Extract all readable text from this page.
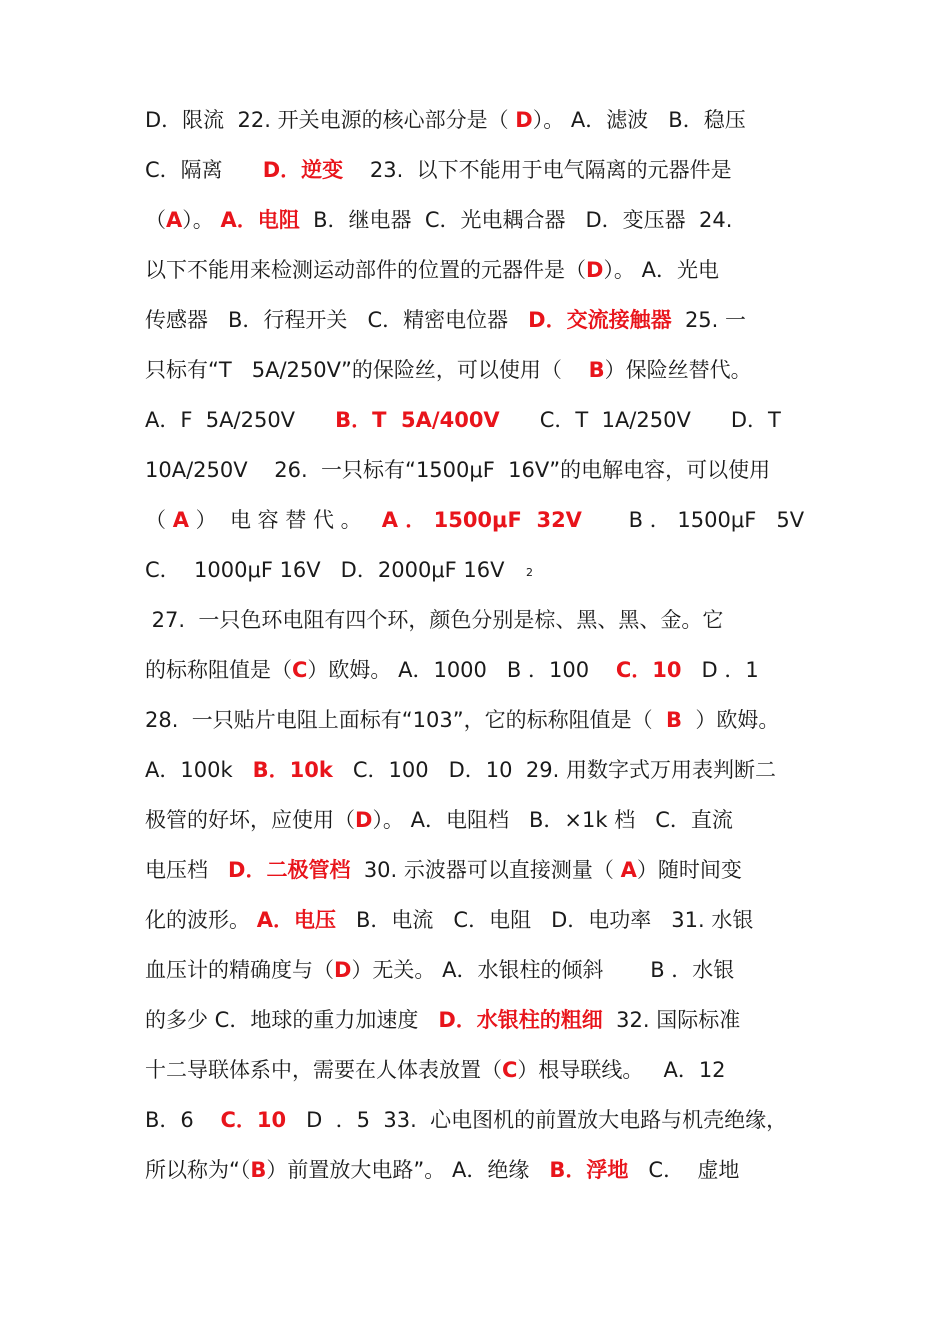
D．限流  22. 开关电源的核心部分是（ D）。 A．滤波   B．稳压
C．隔离      D．逆变    23.  以下不能用于电气隔离的元器件是
（A）。 A．电阻  B．继电器  C．光电耦合器   D．变压器  24.
以下不能用来检测运动部件的位置的元器件是（D）。 A．光电
传感器   B．行程开关   C．精密电位器   D．交流接触器  25. 一
只标有“T   5A/250V”的保险丝，可以使用（    B）保险丝替代。
A．F  5A/250V      B．T  5A/400V      C．T  1A/250V      D．T
10A/250V    26.  一只标有“1500μF  16V”的电解电容，可以使用
（ A ）  电 容 替 代 。   A ． 1500μF  32V       B ． 1500μF   5V
C．  1000μF 16V   D．2000μF 16V
27.  一只色环电阻有四个环，颜色分别是棕、黑、黑、金。它
的标称阻值是（C）欧姆。 A．1000   B ．100    C．10   D ．1
28.  一只贴片电阻上面标有“103”，它的标称阻值是（  B  ）欧姆。
A．100k   B．10k   C．100   D．10  29. 用数字式万用表判断二
极管的好坏，应使用（D）。 A．电阻档   B．×1k 档   C．直流
电压档   D．二极管档  30. 示波器可以直接测量（ A）随时间变
化的波形。 A．电压   B．电流   C．电阻   D．电功率   31. 水银
血压计的精确度与（D）无关。 A．水银柱的倾斜       B ．水银
的多少 C．地球的重力加速度   D．水银柱的粗细  32. 国际标准
十二导联体系中，需要在人体表放置（C）根导联线。   A．12
B．6    C．10   D  ．5  33.  心电图机的前置放大电路与机壳绝缘，
所以称为“（B）前置放大电路”。 A．绝缘   B．浮地   C．  虚地
2
